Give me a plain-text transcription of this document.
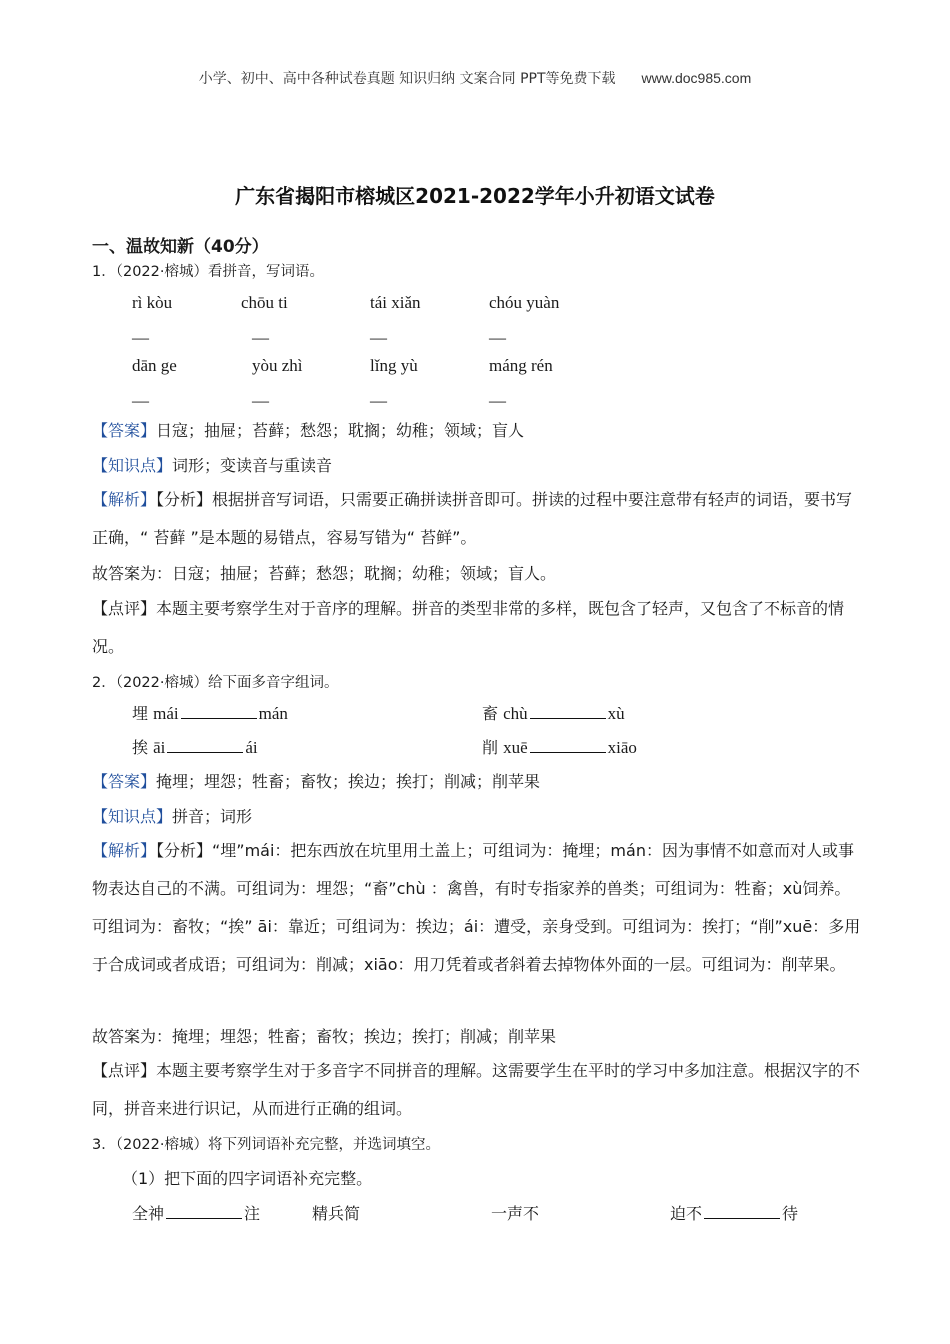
小学、初中、高中各种试卷真题 知识归纳 文案合同 PPT等免费下载 www.doc985.com
广东省揭阳市榕城区2021-2022学年小升初语文试卷
一、温故知新（40分）
1．（2022·榕城）看拼音，写词语。
rì kòu	chōu ti	tái xiǎn	chóu yuàn
—	—	—	—
dān ge	yòu zhì	lǐng yù	máng rén
—	—	—	—
【答案】日寇；抽屉；苔藓；愁怨；耽搁；幼稚；领域；盲人
【知识点】词形；变读音与重读音
【解析】【分析】根据拼音写词语，只需要正确拼读拼音即可。拼读的过程中要注意带有轻声的词语，要书写正确，“ 苔藓 ”是本题的易错点，容易写错为“ 苔鲜”。
故答案为：日寇；抽屉；苔藓；愁怨；耽搁；幼稚；领域；盲人。
【点评】本题主要考察学生对于音序的理解。拼音的类型非常的多样，既包含了轻声，又包含了不标音的情况。
2．（2022·榕城）给下面多音字组词。
埋 mái	mán	畜 chù	xù
挨 āi	ái	削 xuē	xiāo
【答案】掩埋；埋怨；牲畜；畜牧；挨边；挨打；削减；削苹果
【知识点】拼音；词形
【解析】【分析】“埋”mái：把东西放在坑里用土盖上；可组词为：掩埋；mán：因为事情不如意而对人或事物表达自己的不满。可组词为：埋怨；“畜”chù ：禽兽，有时专指家养的兽类；可组词为：牲畜；xù饲养。可组词为：畜牧；“挨” āi：靠近；可组词为：挨边；ái：遭受，亲身受到。可组词为：挨打；“削”xuē：多用于合成词或者成语；可组词为：削减；xiāo：用刀凭着或者斜着去掉物体外面的一层。可组词为：削苹果。
故答案为：掩埋；埋怨；牲畜；畜牧；挨边；挨打；削减；削苹果
【点评】本题主要考察学生对于多音字不同拼音的理解。这需要学生在平时的学习中多加注意。根据汉字的不同，拼音来进行识记，从而进行正确的组词。
3．（2022·榕城）将下列词语补充完整，并选词填空。
（1）把下面的四字词语补充完整。
全神	注	精兵简	一声不	迫不	待
